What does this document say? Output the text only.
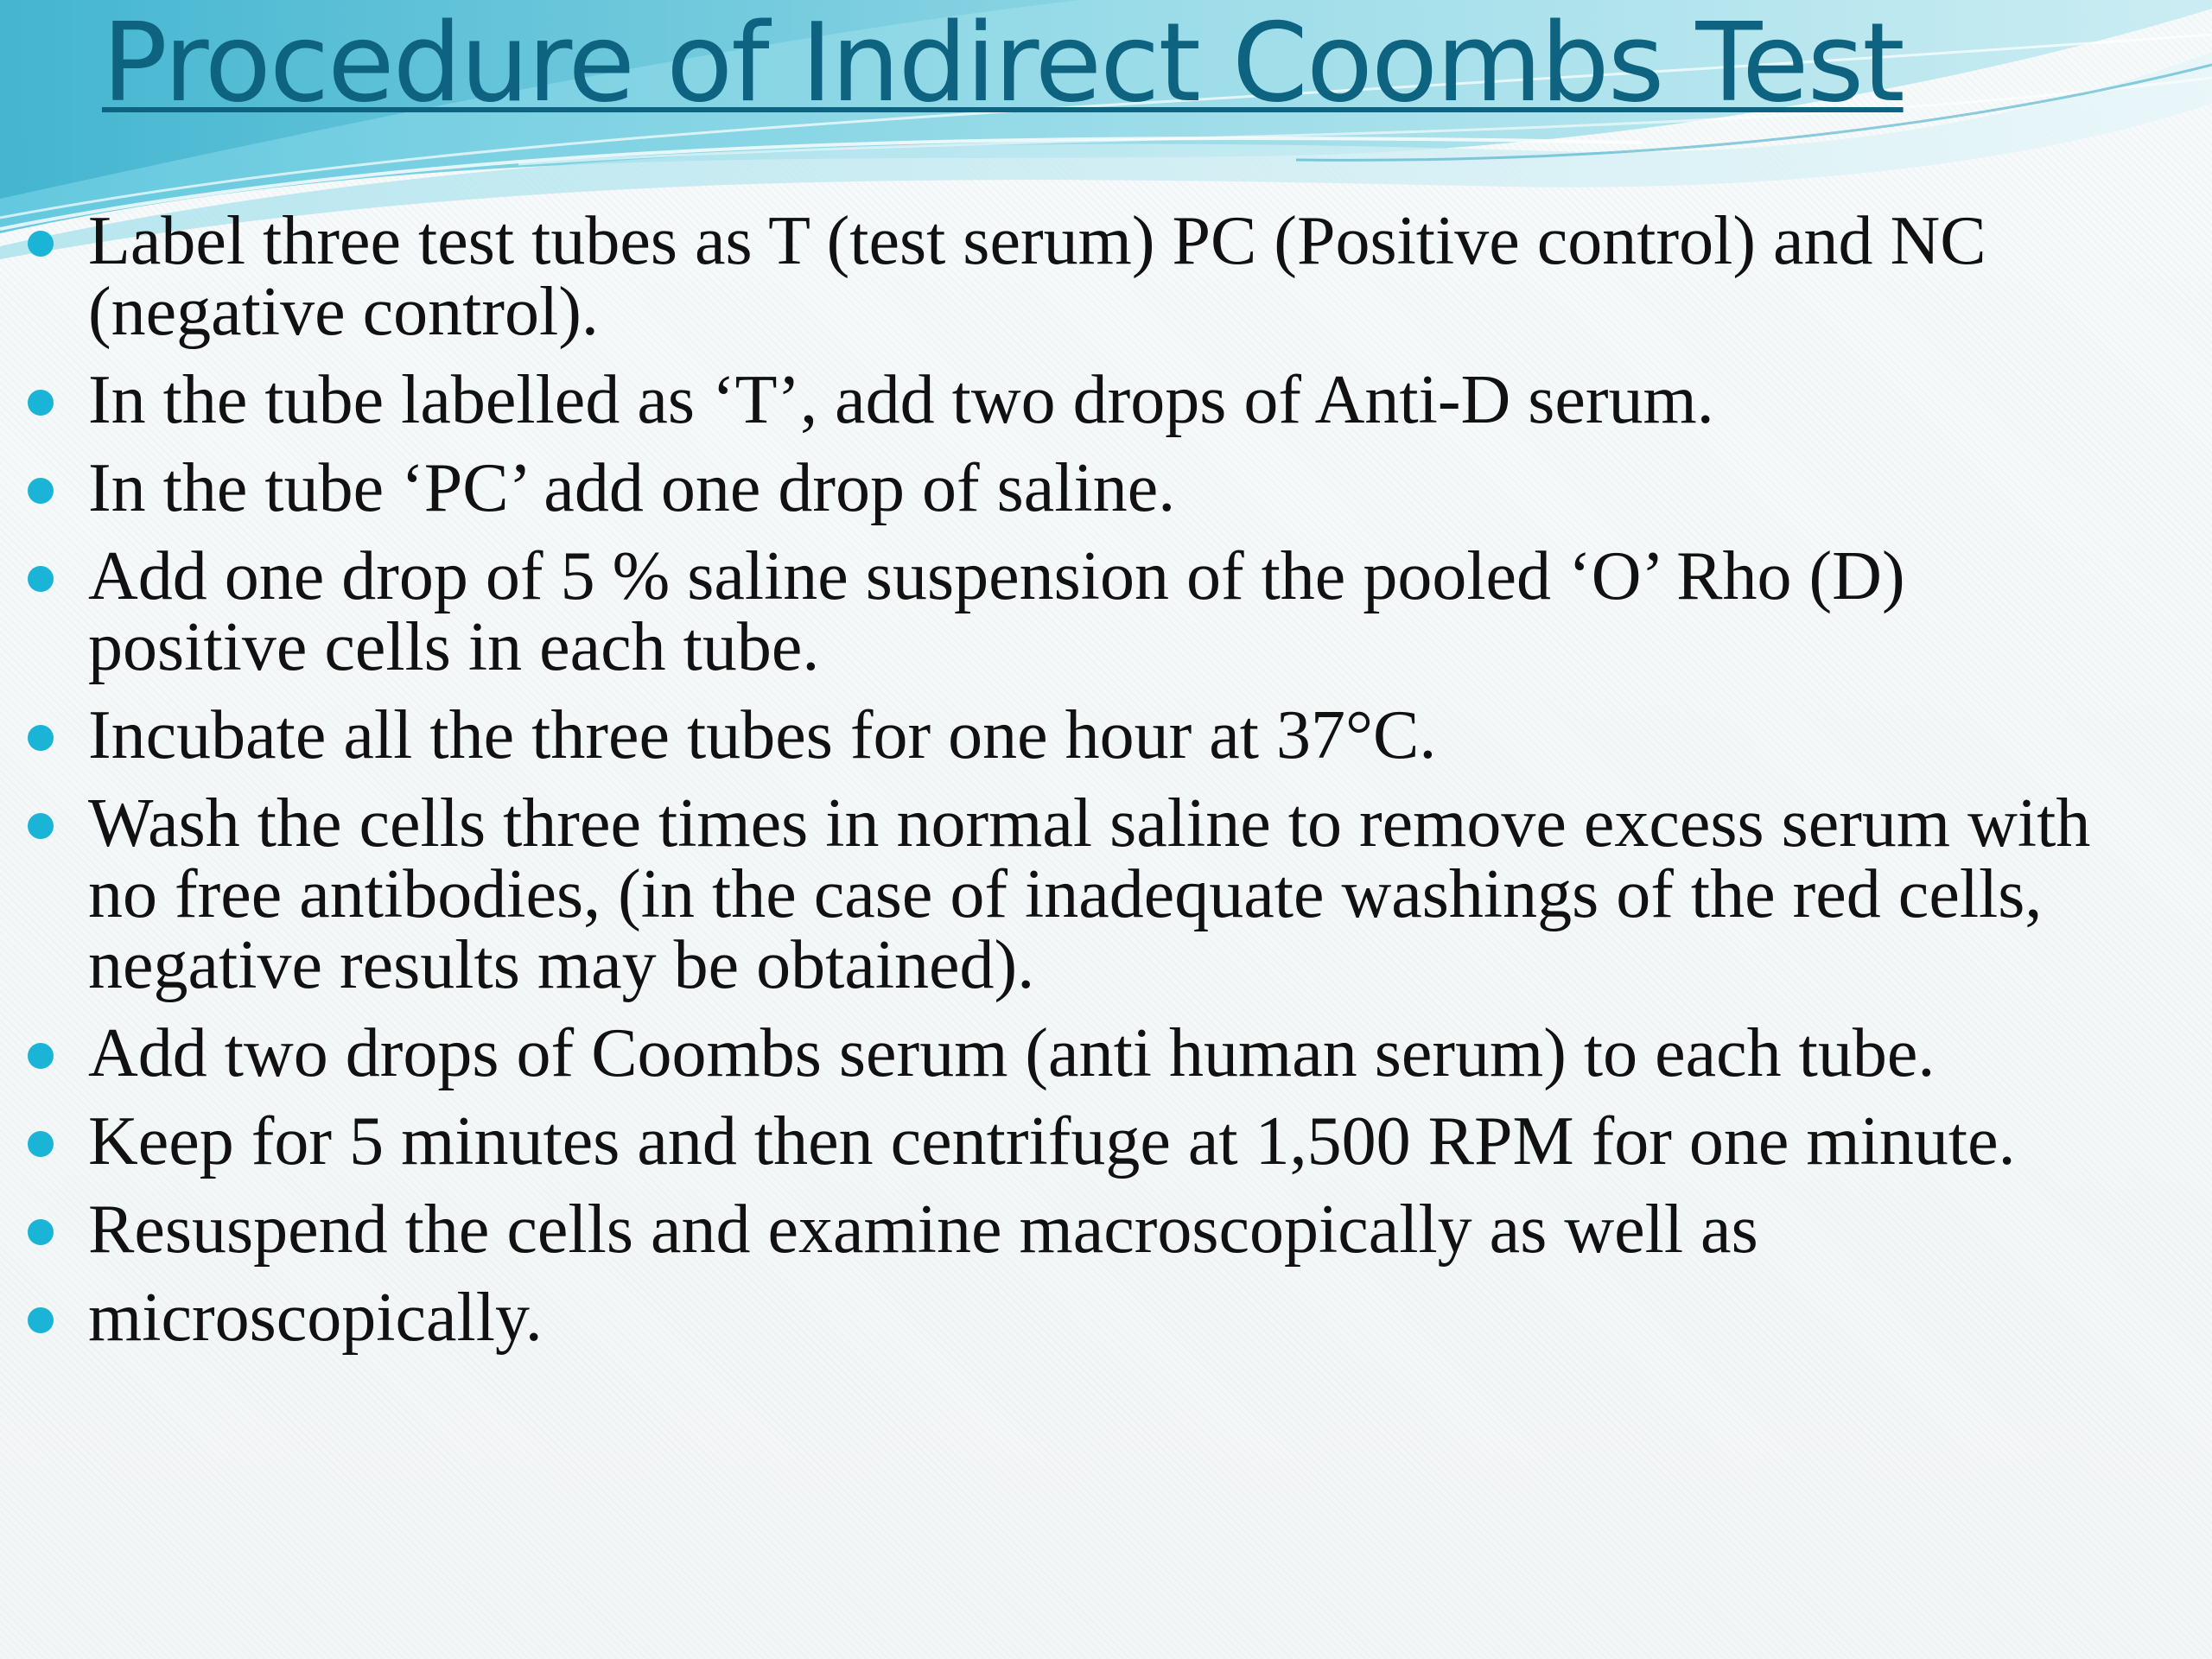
Procedure of Indirect Coombs Test
Label three test tubes as T (test serum) PC (Positive control) and NC (negative control).
In the tube labelled as ‘T’, add two drops of Anti-D serum.
In the tube ‘PC’ add one drop of saline.
Add one drop of 5 % saline suspension of the pooled ‘O’ Rho (D) positive cells in each tube.
Incubate all the three tubes for one hour at 37°C.
Wash the cells three times in normal saline to remove excess serum with no free antibodies, (in the case of inadequate washings of the red cells, negative results may be obtained).
Add two drops of Coombs serum (anti human serum) to each tube.
Keep for 5 minutes and then centrifuge at 1,500 RPM for one minute.
Resuspend the cells and examine macroscopically as well as
microscopically.
